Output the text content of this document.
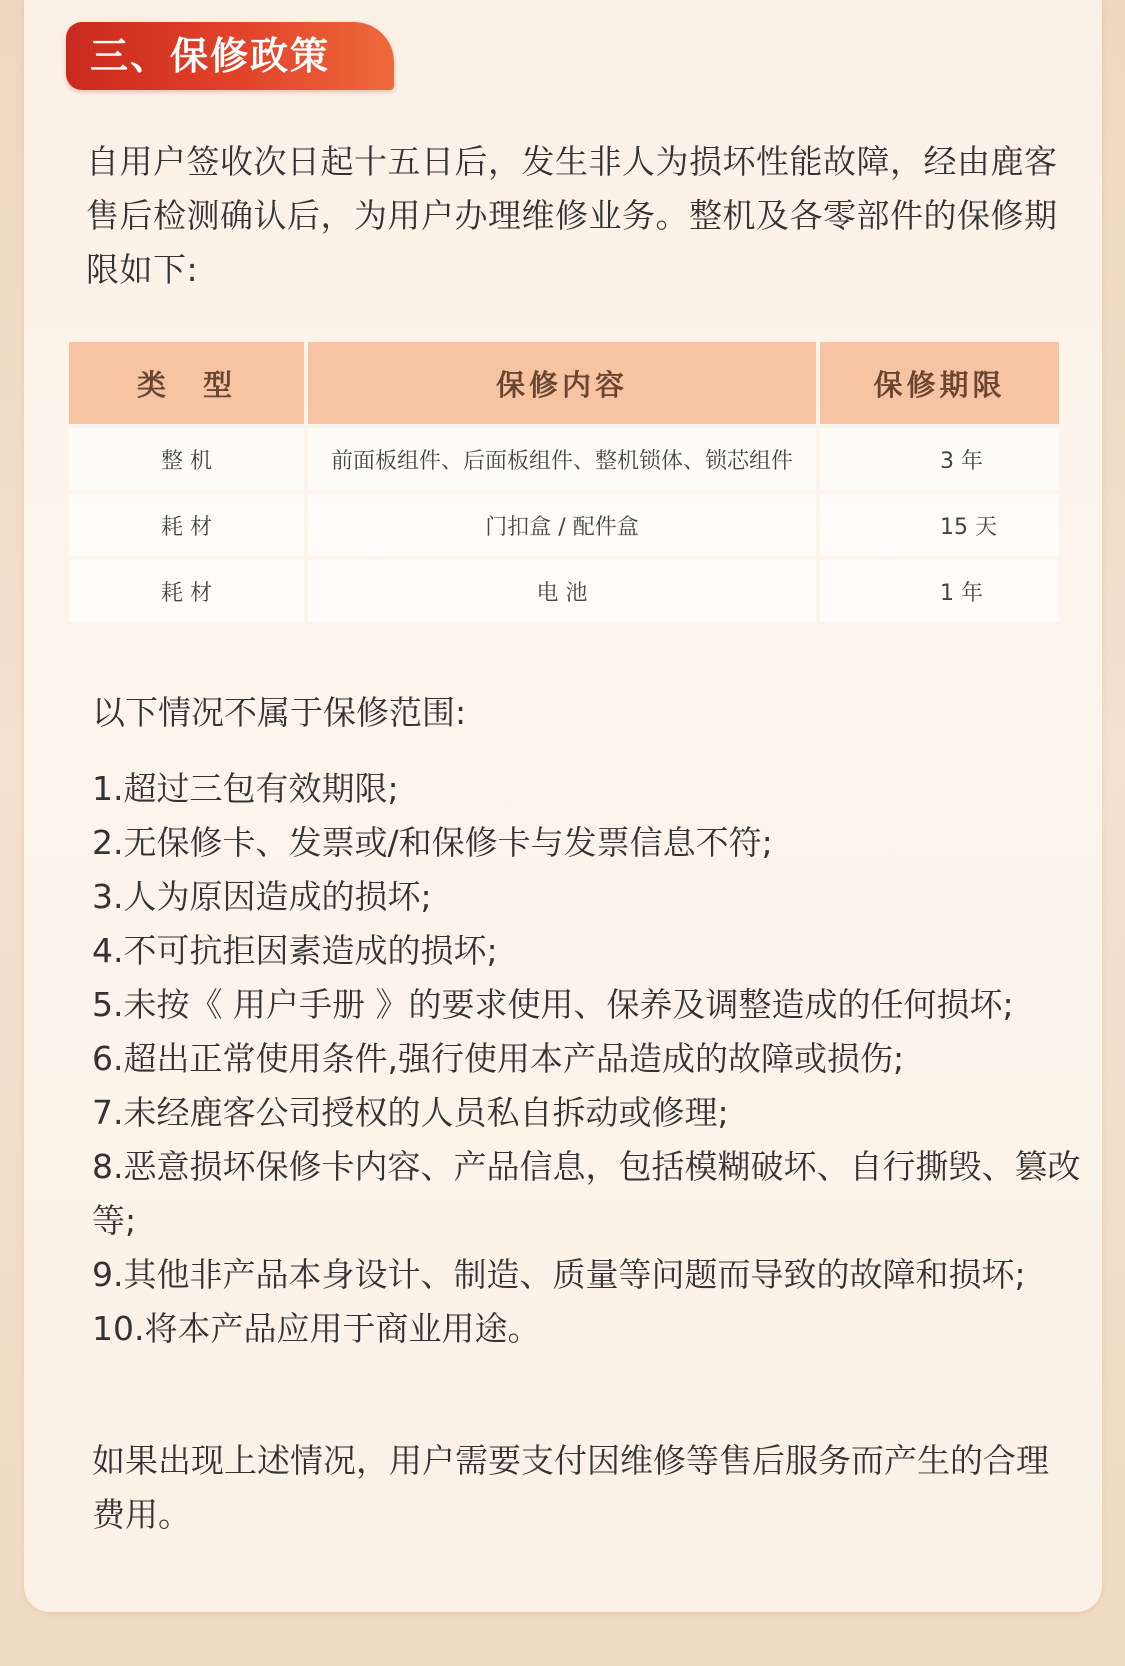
三、保修政策
自用户签收次日起十五日后，发生非人为损坏性能故障，经由鹿客售后检测确认后，为用户办理维修业务。整机及各零部件的保修期限如下:
类　型	保修内容	保修期限
整 机	前面板组件、后面板组件、整机锁体、锁芯组件	3 年
耗 材	门扣盒 / 配件盒	15 天
耗 材	电 池	1 年
以下情况不属于保修范围:
1.超过三包有效期限;
2.无保修卡、发票或/和保修卡与发票信息不符;
3.人为原因造成的损坏;
4.不可抗拒因素造成的损坏;
5.未按《 用户手册 》的要求使用、保养及调整造成的任何损坏;
6.超出正常使用条件,强行使用本产品造成的故障或损伤;
7.未经鹿客公司授权的人员私自拆动或修理;
8.恶意损坏保修卡内容、产品信息，包括模糊破坏、自行撕毁、篡改等;
9.其他非产品本身设计、制造、质量等问题而导致的故障和损坏;
10.将本产品应用于商业用途。
如果出现上述情况，用户需要支付因维修等售后服务而产生的合理费用。
